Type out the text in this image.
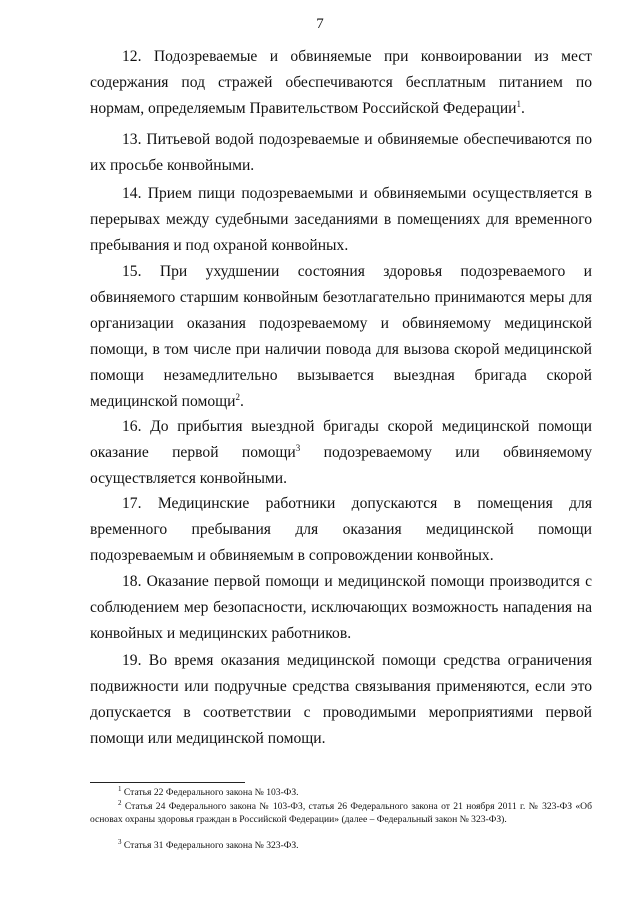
7

12. Подозреваемые и обвиняемые при конвоировании из мест содержания под стражей обеспечиваются бесплатным питанием по нормам, определяемым Правительством Российской Федерации$^1$.

13. Питьевой водой подозреваемые и обвиняемые обеспечиваются по их просьбе конвойными.

14. Прием пищи подозреваемыми и обвиняемыми осуществляется в перерывах между судебными заседаниями в помещениях для временного пребывания и под охраной конвойных.

15. При ухудшении состояния здоровья подозреваемого и обвиняемого старшим конвойным безотлагательно принимаются меры для организации оказания подозреваемому и обвиняемому медицинской помощи, в том числе при наличии повода для вызова скорой медицинской помощи незамедлительно вызывается выездная бригада скорой медицинской помощи$^2$.

16. До прибытия выездной бригады скорой медицинской помощи оказание первой помощи$^3$ подозреваемому или обвиняемому осуществляется конвойными.

17. Медицинские работники допускаются в помещения для временного пребывания для оказания медицинской помощи подозреваемым и обвиняемым в сопровождении конвойных.

18. Оказание первой помощи и медицинской помощи производится с соблюдением мер безопасности, исключающих возможность нападения на конвойных и медицинских работников.

19. Во время оказания медицинской помощи средства ограничения подвижности или подручные средства связывания применяются, если это допускается в соответствии с проводимыми мероприятиями первой помощи или медицинской помощи.

$^1$ Статья 22 Федерального закона № 103-ФЗ.

$^2$ Статья 24 Федерального закона № 103-ФЗ, статья 26 Федерального закона от 21 ноября 2011 г. № 323-ФЗ «Об основах охраны здоровья граждан в Российской Федерации» (далее – Федеральный закон № 323-ФЗ).

$^3$ Статья 31 Федерального закона № 323-ФЗ.
